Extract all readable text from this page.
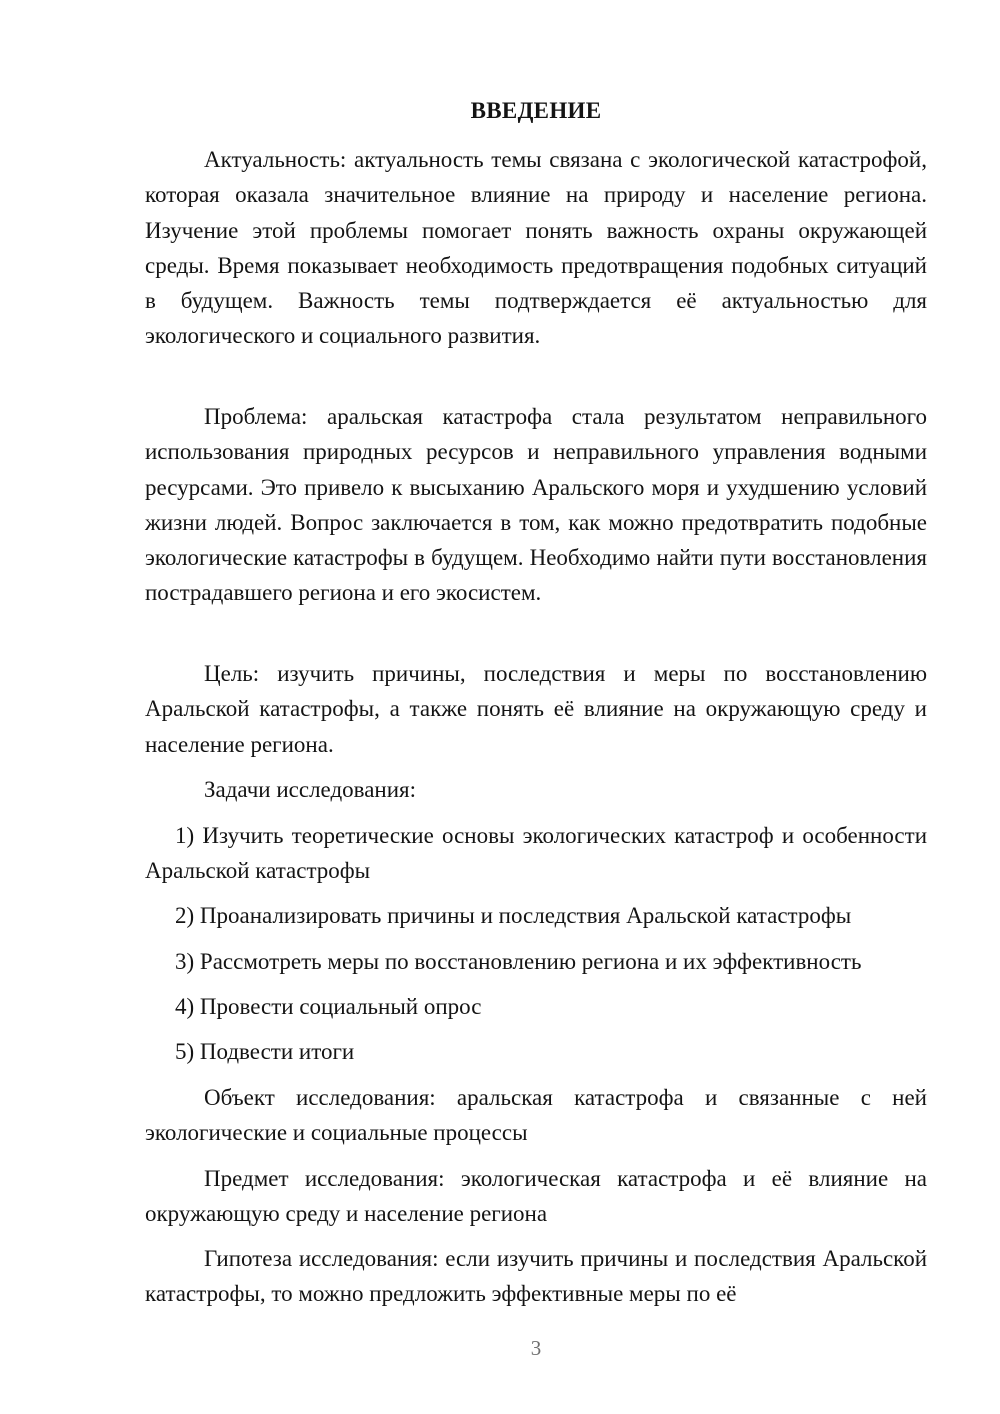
ВВЕДЕНИЕ

Актуальность: актуальность темы связана с экологической катастрофой, которая оказала значительное влияние на природу и население региона. Изучение этой проблемы помогает понять важность охраны окружающей среды. Время показывает необходимость предотвращения подобных ситуаций в будущем. Важность темы подтверждается её актуальностью для экологического и социального развития.

Проблема: аральская катастрофа стала результатом неправильного использования природных ресурсов и неправильного управления водными ресурсами. Это привело к высыханию Аральского моря и ухудшению условий жизни людей. Вопрос заключается в том, как можно предотвратить подобные экологические катастрофы в будущем. Необходимо найти пути восстановления пострадавшего региона и его экосистем.

Цель: изучить причины, последствия и меры по восстановлению Аральской катастрофы, а также понять её влияние на окружающую среду и население региона.

Задачи исследования:

1) Изучить теоретические основы экологических катастроф и особенности Аральской катастрофы

2) Проанализировать причины и последствия Аральской катастрофы

3) Рассмотреть меры по восстановлению региона и их эффективность

4) Провести социальный опрос

5) Подвести итоги

Объект исследования: аральская катастрофа и связанные с ней экологические и социальные процессы

Предмет исследования: экологическая катастрофа и её влияние на окружающую среду и население региона

Гипотеза исследования: если изучить причины и последствия Аральской катастрофы, то можно предложить эффективные меры по её

3
